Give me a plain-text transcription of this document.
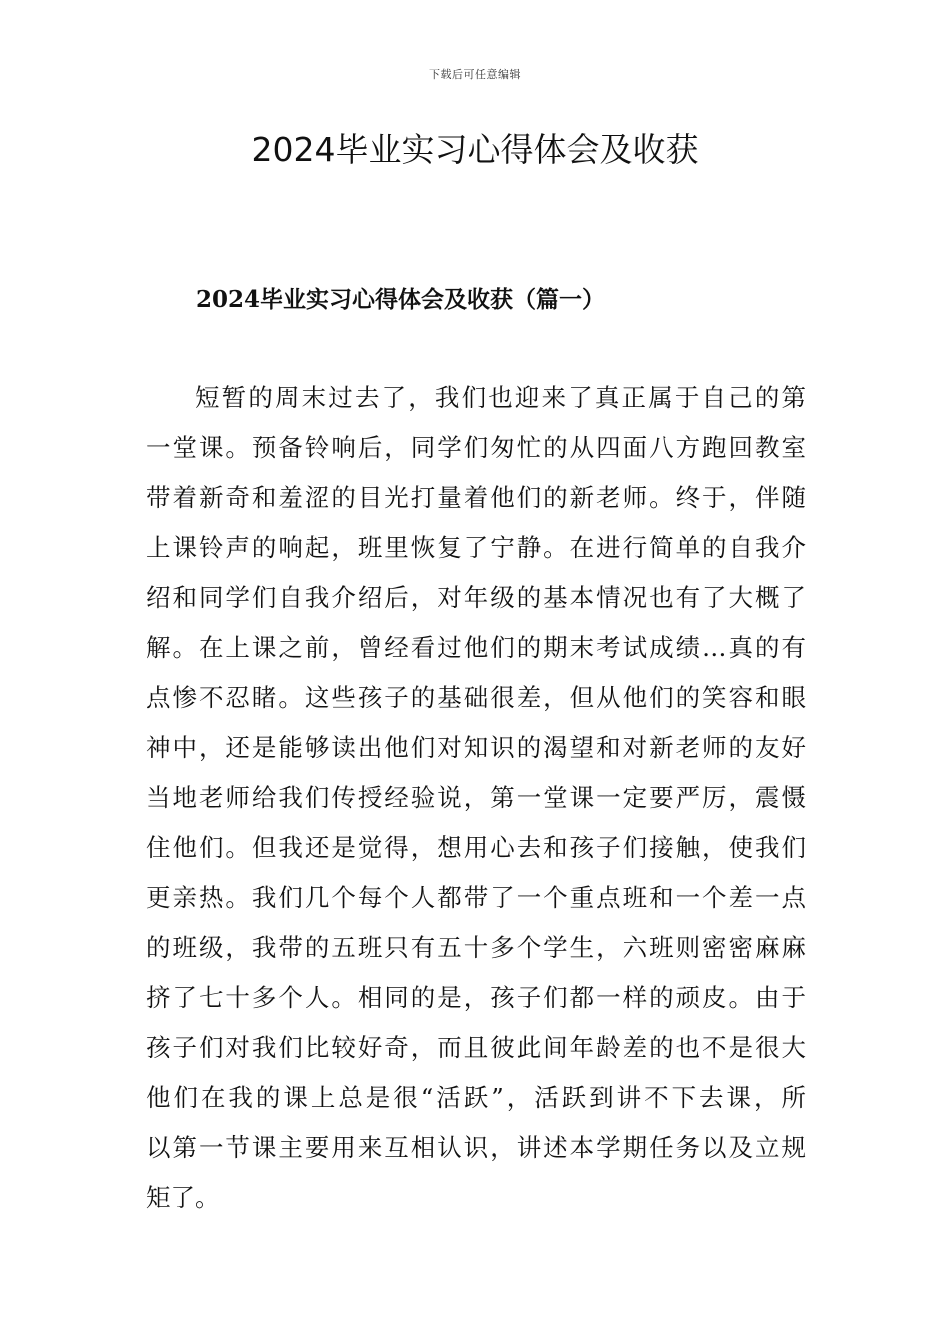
下载后可任意编辑
2024毕业实习心得体会及收获
2024毕业实习心得体会及收获（篇一）
短暂的周末过去了，我们也迎来了真正属于自己的第
一堂课。预备铃响后，同学们匆忙的从四面八方跑回教室
带着新奇和羞涩的目光打量着他们的新老师。终于，伴随
上课铃声的响起，班里恢复了宁静。在进行简单的自我介
绍和同学们自我介绍后，对年级的基本情况也有了大概了
解。在上课之前，曾经看过他们的期末考试成绩…真的有
点惨不忍睹。这些孩子的基础很差，但从他们的笑容和眼
神中，还是能够读出他们对知识的渴望和对新老师的友好
当地老师给我们传授经验说，第一堂课一定要严厉，震慑
住他们。但我还是觉得，想用心去和孩子们接触，使我们
更亲热。我们几个每个人都带了一个重点班和一个差一点
的班级，我带的五班只有五十多个学生，六班则密密麻麻
挤了七十多个人。相同的是，孩子们都一样的顽皮。由于
孩子们对我们比较好奇，而且彼此间年龄差的也不是很大
他们在我的课上总是很“活跃”，活跃到讲不下去课，所
以第一节课主要用来互相认识，讲述本学期任务以及立规
矩了。
